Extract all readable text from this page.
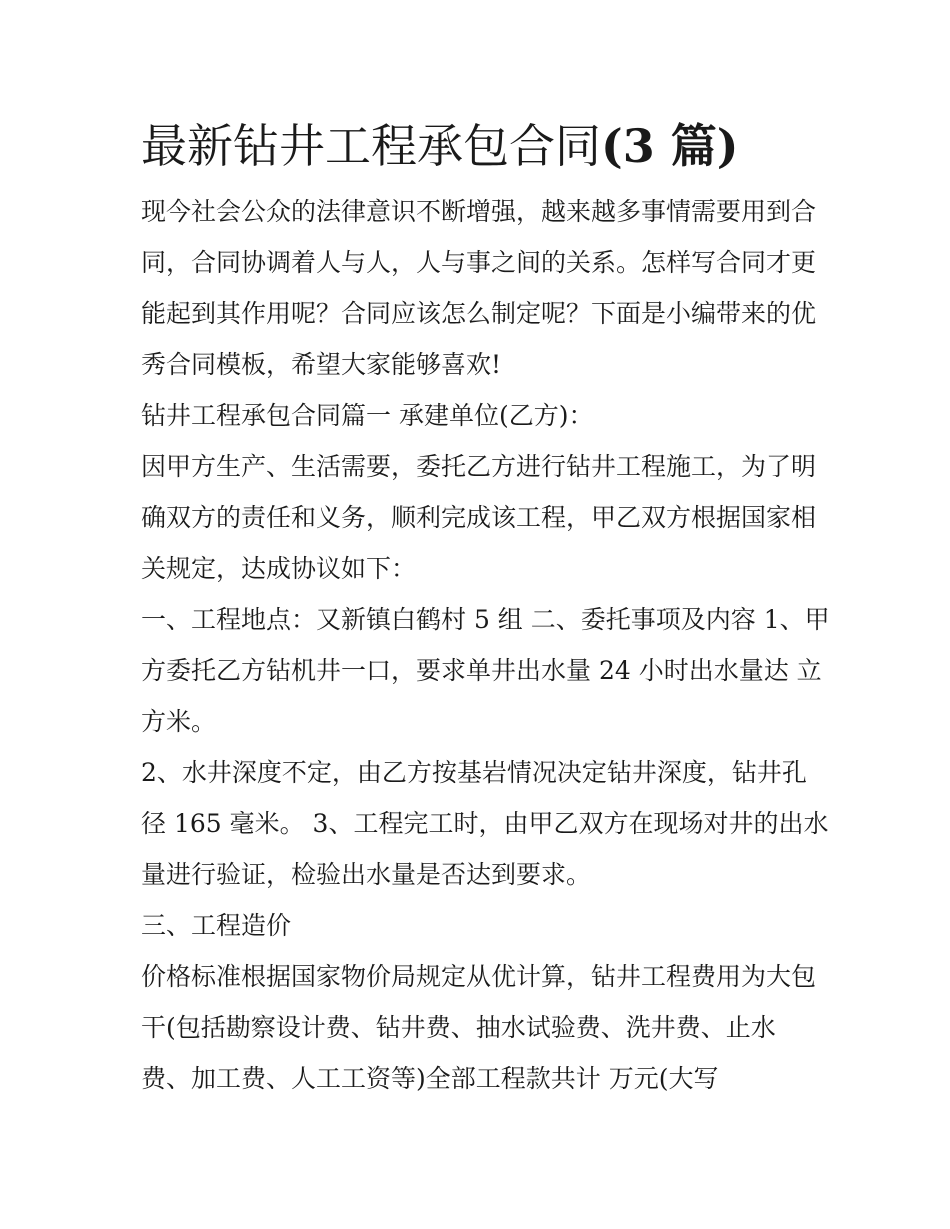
最新钻井工程承包合同(3 篇)
现今社会公众的法律意识不断增强，越来越多事情需要用到合
同，合同协调着人与人，人与事之间的关系。怎样写合同才更
能起到其作用呢？合同应该怎么制定呢？下面是小编带来的优
秀合同模板，希望大家能够喜欢!
钻井工程承包合同篇一 承建单位(乙方)：
因甲方生产、生活需要，委托乙方进行钻井工程施工，为了明
确双方的责任和义务，顺利完成该工程，甲乙双方根据国家相
关规定，达成协议如下：
一、工程地点：又新镇白鹤村 5 组 二、委托事项及内容 1、甲
方委托乙方钻机井一口，要求单井出水量 24 小时出水量达 立
方米。
2、水井深度不定，由乙方按基岩情况决定钻井深度，钻井孔
径 165 毫米。 3、工程完工时，由甲乙双方在现场对井的出水
量进行验证，检验出水量是否达到要求。
三、工程造价
价格标准根据国家物价局规定从优计算，钻井工程费用为大包
干(包括勘察设计费、钻井费、抽水试验费、洗井费、止水
费、加工费、人工工资等)全部工程款共计 万元(大写
